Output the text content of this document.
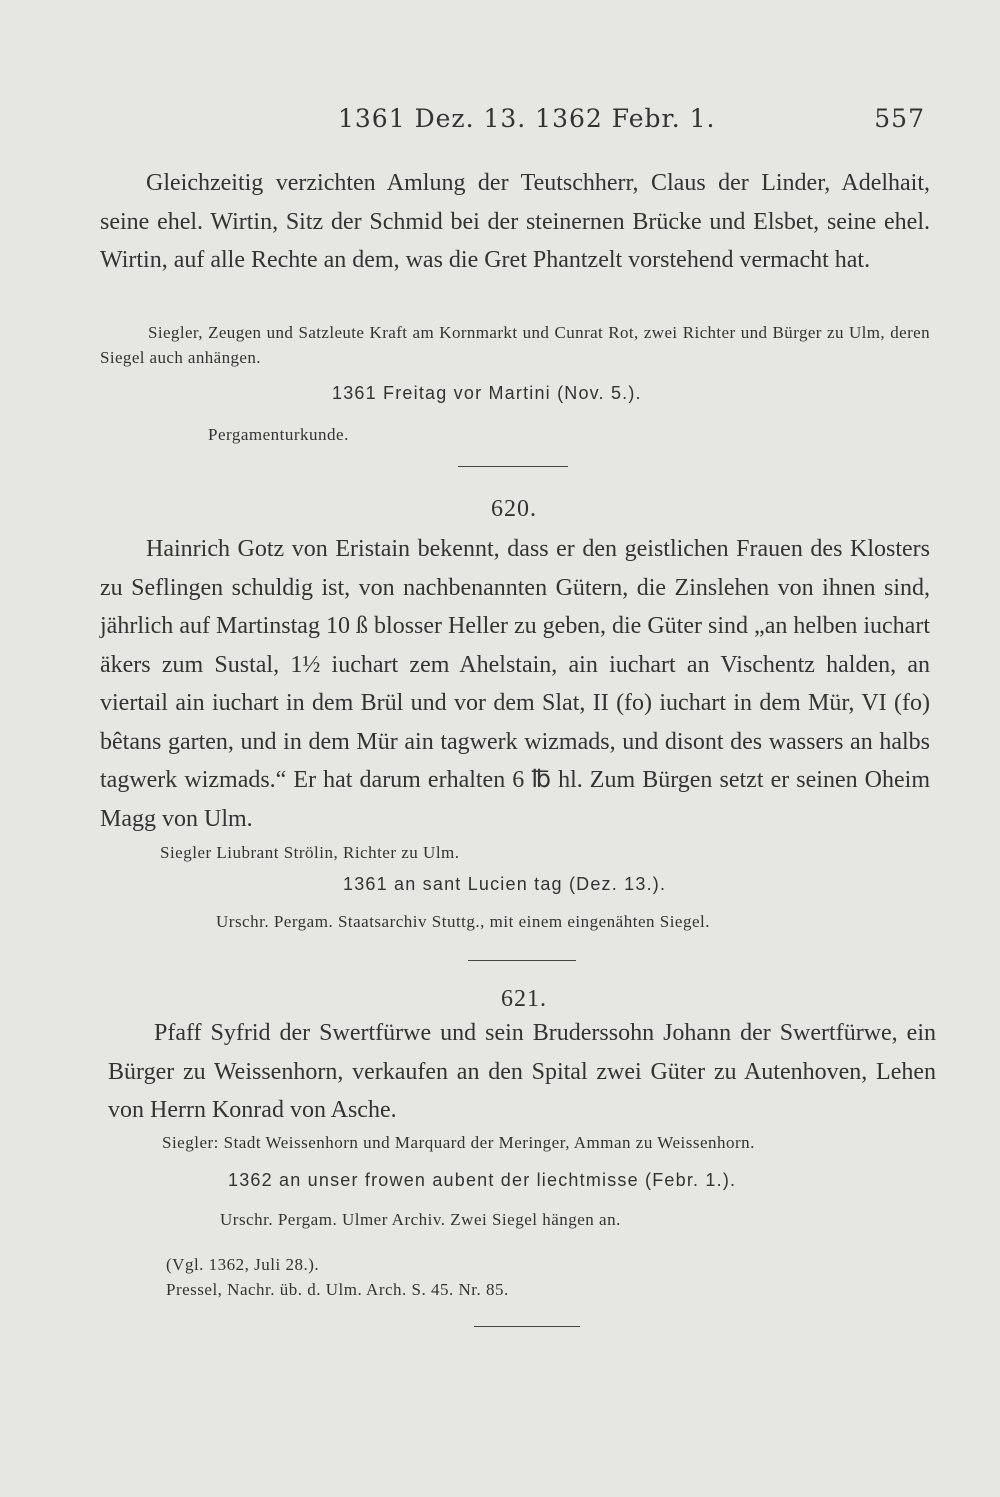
1361 Dez. 13. 1362 Febr. 1.	557

Gleichzeitig verzichten Amlung der Teutschherr, Claus der Linder, Adelhait, seine ehel. Wirtin, Sitz der Schmid bei der steinernen Brücke und Elsbet, seine ehel. Wirtin, auf alle Rechte an dem, was die Gret Phantzelt vorstehend vermacht hat.

Siegler, Zeugen und Satzleute Kraft am Kornmarkt und Cunrat Rot, zwei Richter und Bürger zu Ulm, deren Siegel auch anhängen.

1361 Freitag vor Martini (Nov. 5.).
Pergamenturkunde.
620.

Hainrich Gotz von Eristain bekennt, dass er den geistlichen Frauen des Klosters zu Seflingen schuldig ist, von nachbenannten Gütern, die Zinslehen von ihnen sind, jährlich auf Martinstag 10 ß blosser Heller zu geben, die Güter sind „an helben iuchart äkers zum Sustal, 1½ iuchart zem Ahelstain, ain iuchart an Vischentz halden, an viertail ain iuchart in dem Brül und vor dem Slat, II (fo) iuchart in dem Mür, VI (fo) bêtans garten, und in dem Mür ain tagwerk wizmads, und disont des wassers an halbs tagwerk wizmads.“ Er hat darum erhalten 6 ℔ hl. Zum Bürgen setzt er seinen Oheim Magg von Ulm.

Siegler Liubrant Strölin, Richter zu Ulm.
1361 an sant Lucien tag (Dez. 13.).
Urschr. Pergam. Staatsarchiv Stuttg., mit einem eingenähten Siegel.
621.

Pfaff Syfrid der Swertfürwe und sein Bruderssohn Johann der Swertfürwe, ein Bürger zu Weissenhorn, verkaufen an den Spital zwei Güter zu Autenhoven, Lehen von Herrn Konrad von Asche.

Siegler: Stadt Weissenhorn und Marquard der Meringer, Amman zu Weissenhorn.
1362 an unser frowen aubent der liechtmisse (Febr. 1.).
Urschr. Pergam. Ulmer Archiv. Zwei Siegel hängen an.
(Vgl. 1362, Juli 28.).
Pressel, Nachr. üb. d. Ulm. Arch. S. 45. Nr. 85.
